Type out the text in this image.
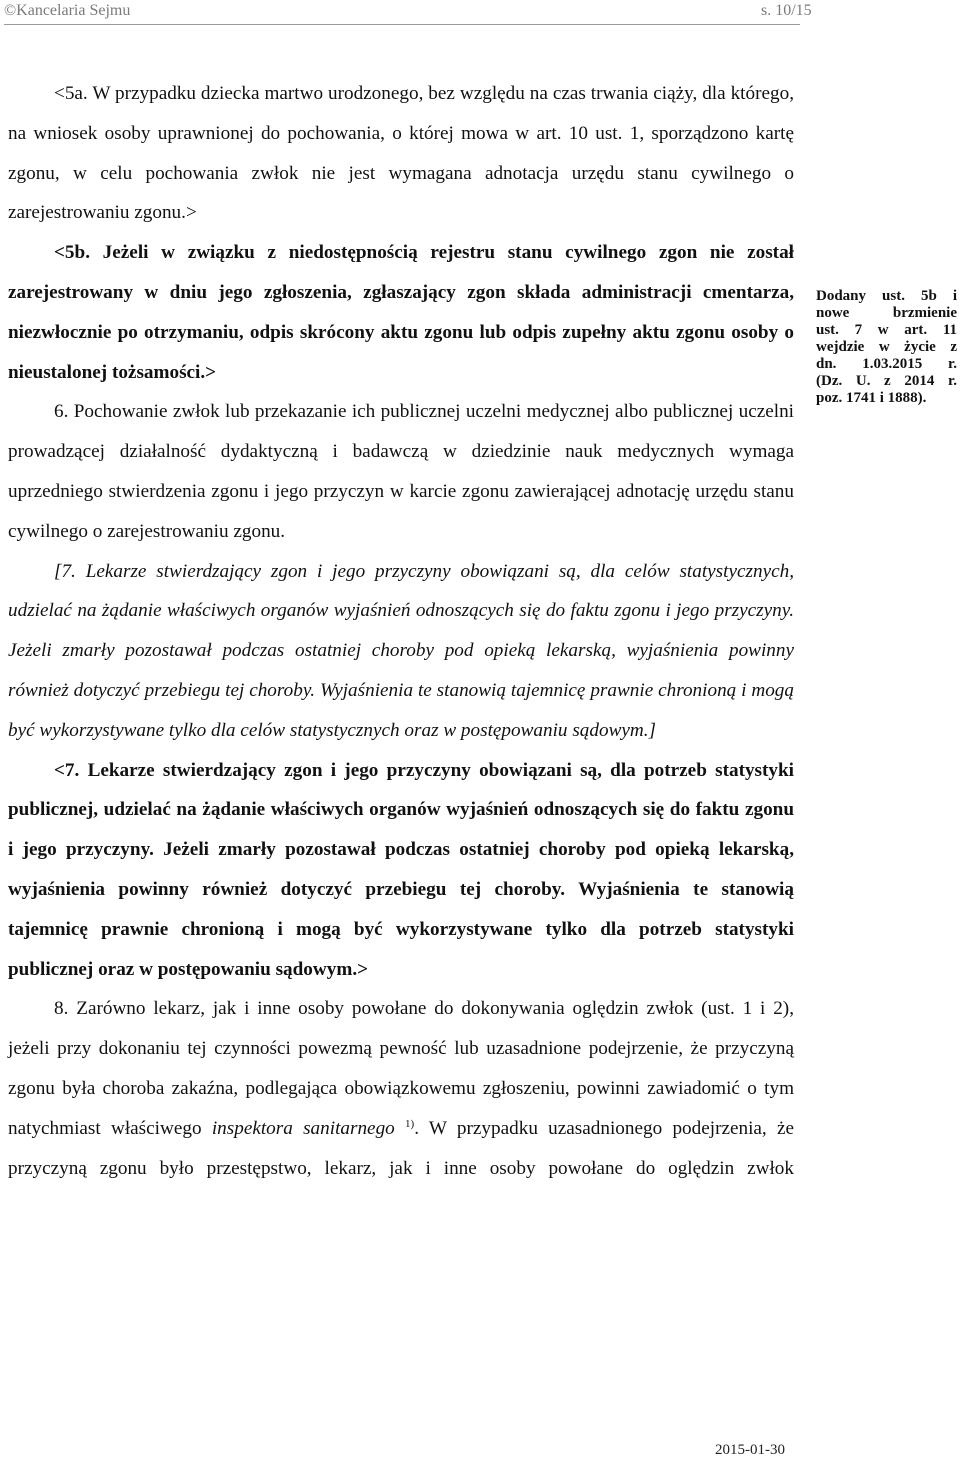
©Kancelaria Sejmu	s. 10/15

<5a. W przypadku dziecka martwo urodzonego, bez względu na czas trwania ciąży, dla którego, na wniosek osoby uprawnionej do pochowania, o której mowa w art. 10 ust. 1, sporządzono kartę zgonu, w celu pochowania zwłok nie jest wymagana adnotacja urzędu stanu cywilnego o zarejestrowaniu zgonu.>

<5b. Jeżeli w związku z niedostępnością rejestru stanu cywilnego zgon nie został zarejestrowany w dniu jego zgłoszenia, zgłaszający zgon składa administracji cmentarza, niezwłocznie po otrzymaniu, odpis skrócony aktu zgonu lub odpis zupełny aktu zgonu osoby o nieustalonej tożsamości.>

6. Pochowanie zwłok lub przekazanie ich publicznej uczelni medycznej albo publicznej uczelni prowadzącej działalność dydaktyczną i badawczą w dziedzinie nauk medycznych wymaga uprzedniego stwierdzenia zgonu i jego przyczyn w karcie zgonu zawierającej adnotację urzędu stanu cywilnego o zarejestrowaniu zgonu.

[7. Lekarze stwierdzający zgon i jego przyczyny obowiązani są, dla celów statystycznych, udzielać na żądanie właściwych organów wyjaśnień odnoszących się do faktu zgonu i jego przyczyny. Jeżeli zmarły pozostawał podczas ostatniej choroby pod opieką lekarską, wyjaśnienia powinny również dotyczyć przebiegu tej choroby. Wyjaśnienia te stanowią tajemnicę prawnie chronioną i mogą być wykorzystywane tylko dla celów statystycznych oraz w postępowaniu sądowym.]

<7. Lekarze stwierdzający zgon i jego przyczyny obowiązani są, dla potrzeb statystyki publicznej, udzielać na żądanie właściwych organów wyjaśnień odnoszących się do faktu zgonu i jego przyczyny. Jeżeli zmarły pozostawał podczas ostatniej choroby pod opieką lekarską, wyjaśnienia powinny również dotyczyć przebiegu tej choroby. Wyjaśnienia te stanowią tajemnicę prawnie chronioną i mogą być wykorzystywane tylko dla potrzeb statystyki publicznej oraz w postępowaniu sądowym.>

8. Zarówno lekarz, jak i inne osoby powołane do dokonywania oględzin zwłok (ust. 1 i 2), jeżeli przy dokonaniu tej czynności powezmą pewność lub uzasadnione podejrzenie, że przyczyną zgonu była choroba zakaźna, podlegająca obowiązkowemu zgłoszeniu, powinni zawiadomić o tym natychmiast właściwego inspektora sanitarnego $^{1)}$. W przypadku uzasadnionego podejrzenia, że przyczyną zgonu było przestępstwo, lekarz, jak i inne osoby powołane do oględzin zwłok

Dodany ust. 5b i
nowe brzmienie
ust. 7 w art. 11
wejdzie w życie z
dn. 1.03.2015 r.
(Dz. U. z 2014 r.
poz. 1741 i 1888).
2015-01-30
